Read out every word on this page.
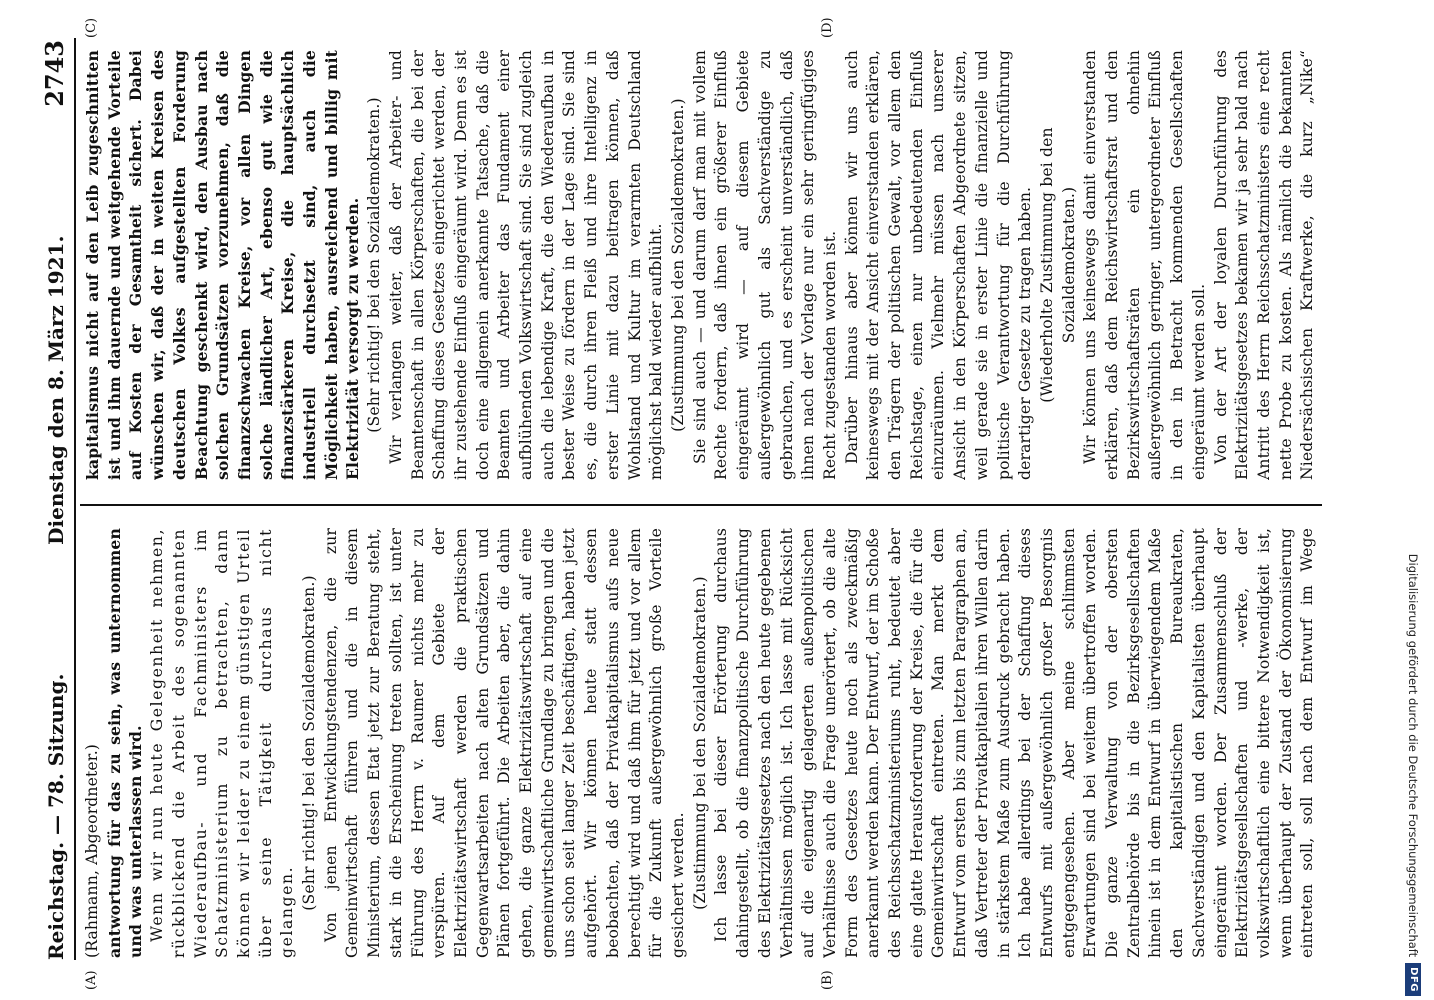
Reichstag. — 78. Sitzung.
Dienstag den 8. März 1921.
2743
(A)	(B)
(C)	(D)

(Rahmann, Abgeordneter.) antwortung für das zu sein, was unternommen und was unterlassen wird. Wenn wir nun heute Gelegenheit nehmen, rückblickend die Arbeit des sogenannten Wiederaufbau- und Fachministers im Schatzministerium zu betrachten, dann können wir leider zu einem günstigen Urteil über seine Tätigkeit durchaus nicht gelangen.

(Sehr richtig! bei den Sozialdemokraten.) Von jenen Entwicklungstendenzen, die zur Gemeinwirtschaft führen und die in diesem Ministerium, dessen Etat jetzt zur Beratung steht, stark in die Erscheinung treten sollten, ist unter Führung des Herrn v. Raumer nichts mehr zu verspüren. Auf dem Gebiete der Elektrizitätswirtschaft werden die praktischen Gegenwartsarbeiten nach alten Grundsätzen und Plänen fortgeführt. Die Arbeiten aber, die dahin gehen, die ganze Elektrizitätswirtschaft auf eine gemeinwirtschaftliche Grundlage zu bringen und die uns schon seit langer Zeit beschäftigen, haben jetzt aufgehört. Wir können heute statt dessen beobachten, daß der Privatkapitalismus aufs neue berechtigt wird und daß ihm für jetzt und vor allem für die Zukunft außergewöhnlich große Vorteile gesichert werden. (Zustimmung bei den Sozialdemokraten.)

Ich lasse bei dieser Erörterung durchaus dahingestellt, ob die finanzpolitische Durchführung des Elektrizitätsgesetzes nach den heute gegebenen Verhältnissen möglich ist. Ich lasse mit Rücksicht auf die eigenartig gelagerten außenpolitischen Verhältnisse auch die Frage unerörtert, ob die alte Form des Gesetzes heute noch als zweckmäßig anerkannt werden kann. Der Entwurf, der im Schoße des Reichsschatzministeriums ruht, bedeutet aber eine glatte Herausforderung der Kreise, die für die Gemeinwirtschaft eintreten. Man merkt dem Entwurf vom ersten bis zum letzten Paragraphen an, daß Vertreter der Privatkapitalien ihren Willen darin in stärkstem Maße zum Ausdruck gebracht haben. Ich habe allerdings bei der Schaffung dieses Entwurfs mit außergewöhnlich großer Besorgnis entgegengesehen. Aber meine schlimmsten Erwartungen sind bei weitem übertroffen worden. Die ganze Verwaltung von der obersten Zentralbehörde bis in die Bezirksgesellschaften hinein ist in dem Entwurf in überwiegendem Maße den kapitalistischen Bureaukraten, Sachverständigen und den Kapitalisten überhaupt eingeräumt worden. Der Zusammenschluß der Elektrizitätsgesellschaften und -werke, der volkswirtschaftlich eine bittere Notwendigkeit ist, wenn überhaupt der Zustand der Ökonomisierung eintreten soll, soll nach dem Entwurf im Wege

kapitalismus nicht auf den Leib zugeschnitten ist und ihm dauernde und weitgehende Vorteile auf Kosten der Gesamtheit sichert. Dabei wünschen wir, daß der in weiten Kreisen des deutschen Volkes aufgestellten Forderung Beachtung geschenkt wird, den Ausbau nach solchen Grundsätzen vorzunehmen, daß die finanzschwachen Kreise, vor allen Dingen solche ländlicher Art, ebenso gut wie die finanzstärkeren Kreise, die hauptsächlich industriell durchsetzt sind, auch die Möglichkeit haben, ausreichend und billig mit Elektrizität versorgt zu werden. (Sehr richtig! bei den Sozialdemokraten.) Wir verlangen weiter, daß der Arbeiter- und Beamtenschaft in allen Körperschaften, die bei der Schaffung dieses Gesetzes eingerichtet werden, der ihr zustehende Einfluß eingeräumt wird. Denn es ist doch eine allgemein anerkannte Tatsache, daß die Beamten und Arbeiter das Fundament einer aufblühenden Volkswirtschaft sind. Sie sind zugleich auch die lebendige Kraft, die den Wiederaufbau in bester Weise zu fördern in der Lage sind. Sie sind es, die durch ihren Fleiß und ihre Intelligenz in erster Linie mit dazu beitragen können, daß Wohlstand und Kultur im verarmten Deutschland möglichst bald wieder aufblüht. (Zustimmung bei den Sozialdemokraten.) Sie sind auch — und darum darf man mit vollem Rechte fordern, daß ihnen ein größerer Einfluß eingeräumt wird — auf diesem Gebiete außergewöhnlich gut als Sachverständige zu gebrauchen, und es erscheint unverständlich, daß ihnen nach der Vorlage nur ein sehr geringfügiges Recht zugestanden worden ist. Darüber hinaus aber können wir uns auch keineswegs mit der Ansicht einverstanden erklären, den Trägern der politischen Gewalt, vor allem den Reichstage, einen nur unbedeutenden Einfluß einzuräumen. Vielmehr müssen nach unserer Ansicht in den Körperschaften Abgeordnete sitzen, weil gerade sie in erster Linie die finanzielle und politische Verantwortung für die Durchführung derartiger Gesetze zu tragen haben. (Wiederholte Zustimmung bei den Sozialdemokraten.) Wir können uns keineswegs damit einverstanden erklären, daß dem Reichswirtschaftsrat und den Bezirkswirtschaftsräten ein ohnehin außergewöhnlich geringer, untergeordneter Einfluß in den in Betracht kommenden Gesellschaften eingeräumt werden soll. Von der Art der loyalen Durchführung des Elektrizitätsgesetzes bekamen wir ja sehr bald nach Antritt des Herrn Reichsschatzministers eine recht nette Probe zu kosten. Als nämlich die bekannten Niedersächsischen Kraftwerke, die kurz „Nike“

Digitalisierung gefördert durch die Deutsche Forschungsgemeinschaft
DFG
